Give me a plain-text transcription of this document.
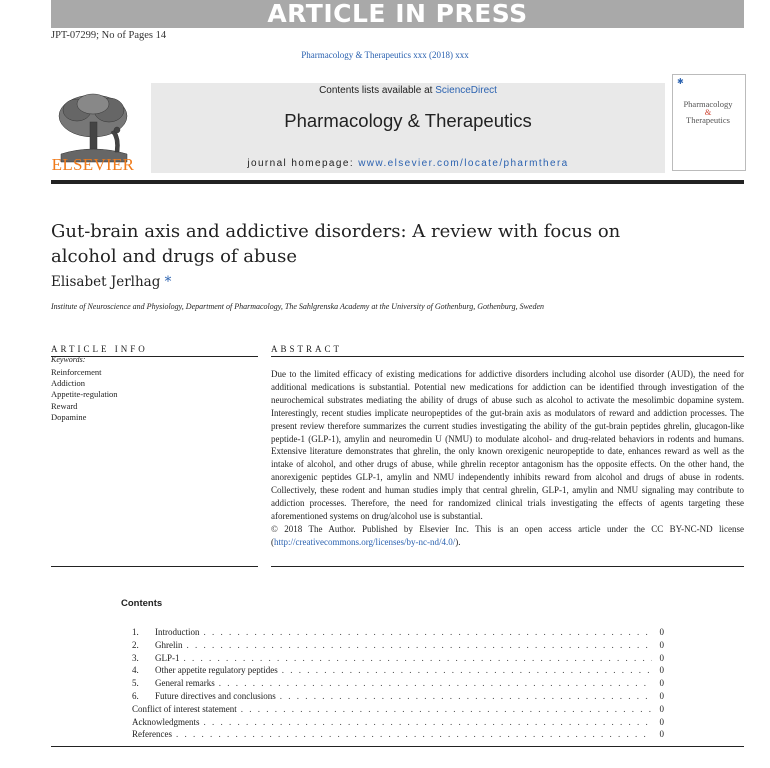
ARTICLE IN PRESS
JPT-07299; No of Pages 14
Pharmacology & Therapeutics xxx (2018) xxx
ELSEVIER
Contents lists available at ScienceDirect
Pharmacology & Therapeutics
journal homepage: www.elsevier.com/locate/pharmthera
✱
Pharmacology
&
Therapeutics
Gut-brain axis and addictive disorders: A review with focus on alcohol and drugs of abuse
Elisabet Jerlhag *
Institute of Neuroscience and Physiology, Department of Pharmacology, The Sahlgrenska Academy at the University of Gothenburg, Gothenburg, Sweden
ARTICLE INFO
Keywords:
Reinforcement
Addiction
Appetite-regulation
Reward
Dopamine
ABSTRACT
Due to the limited efficacy of existing medications for addictive disorders including alcohol use disorder (AUD), the need for additional medications is substantial. Potential new medications for addiction can be identified through investigation of the neurochemical substrates mediating the ability of drugs of abuse such as alcohol to activate the mesolimbic dopamine system. Interestingly, recent studies implicate neuropeptides of the gut-brain axis as modulators of reward and addiction processes. The present review therefore summarizes the current studies investigating the ability of the gut-brain peptides ghrelin, glucagon-like peptide-1 (GLP-1), amylin and neuromedin U (NMU) to modulate alcohol- and drug-related behaviors in rodents and humans. Extensive literature demonstrates that ghrelin, the only known orexigenic neuropeptide to date, enhances reward as well as the intake of alcohol, and other drugs of abuse, while ghrelin receptor antagonism has the opposite effects. On the other hand, the anorexigenic peptides GLP-1, amylin and NMU independently inhibits reward from alcohol and drugs of abuse in rodents. Collectively, these rodent and human studies imply that central ghrelin, GLP-1, amylin and NMU signaling may contribute to addiction processes. Therefore, the need for randomized clinical trials investigating the effects of agents targeting these aforementioned systems on drug/alcohol use is substantial.
© 2018 The Author. Published by Elsevier Inc. This is an open access article under the CC BY-NC-ND license (http://creativecommons.org/licenses/by-nc-nd/4.0/).
Contents
1.	Introduction . . .	0
2.	Ghrelin . . .	0
3.	GLP-1 . . .	0
4.	Other appetite regulatory peptides . . .	0
5.	General remarks . . .	0
6.	Future directives and conclusions . . .	0
Conflict of interest statement . . .	0
Acknowledgments . . .	0
References . . .	0
